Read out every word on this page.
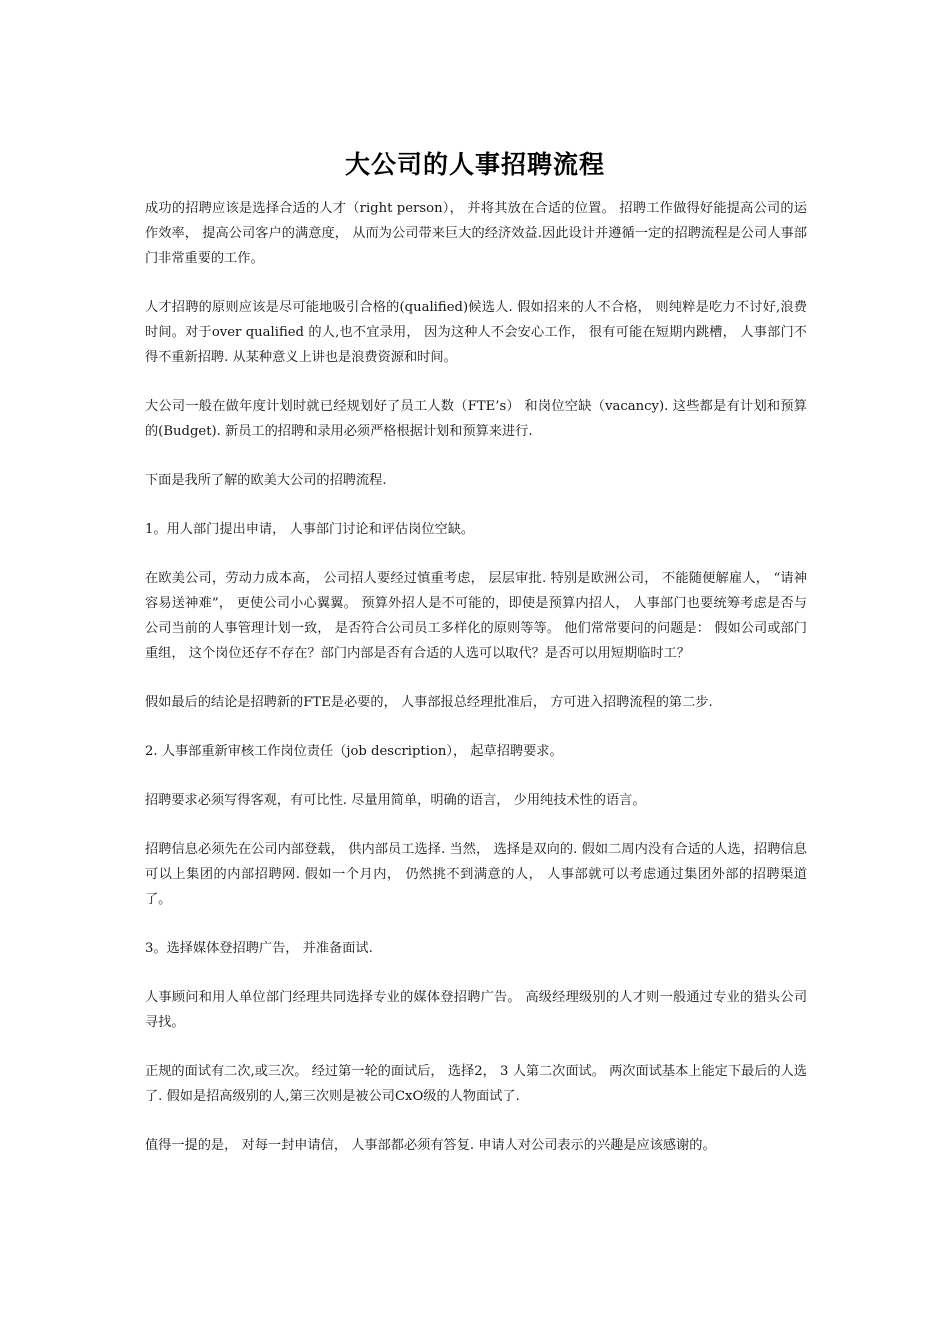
大公司的人事招聘流程

成功的招聘应该是选择合适的人才（right person）， 并将其放在合适的位置。 招聘工作做得好能提高公司的运作效率， 提高公司客户的满意度， 从而为公司带来巨大的经济效益.因此设计并遵循一定的招聘流程是公司人事部门非常重要的工作。

人才招聘的原则应该是尽可能地吸引合格的(qualified)候选人. 假如招来的人不合格， 则纯粹是吃力不讨好,浪费时间。对于over qualified 的人,也不宜录用， 因为这种人不会安心工作， 很有可能在短期内跳槽， 人事部门不得不重新招聘. 从某种意义上讲也是浪费资源和时间。

大公司一般在做年度计划时就已经规划好了员工人数（FTE’s） 和岗位空缺（vacancy). 这些都是有计划和预算的(Budget). 新员工的招聘和录用必须严格根据计划和预算来进行.

下面是我所了解的欧美大公司的招聘流程.

1。用人部门提出申请， 人事部门讨论和评估岗位空缺。

在欧美公司，劳动力成本高， 公司招人要经过慎重考虑， 层层审批. 特别是欧洲公司， 不能随便解雇人， “请神容易送神难”， 更使公司小心翼翼。 预算外招人是不可能的，即使是预算内招人， 人事部门也要统筹考虑是否与公司当前的人事管理计划一致， 是否符合公司员工多样化的原则等等。 他们常常要问的问题是： 假如公司或部门重组， 这个岗位还存不存在？部门内部是否有合适的人选可以取代？是否可以用短期临时工？

假如最后的结论是招聘新的FTE是必要的， 人事部报总经理批准后， 方可进入招聘流程的第二步.

2. 人事部重新审核工作岗位责任（job description）， 起草招聘要求。

招聘要求必须写得客观，有可比性. 尽量用简单，明确的语言， 少用纯技术性的语言。

招聘信息必须先在公司内部登载， 供内部员工选择. 当然， 选择是双向的. 假如二周内没有合适的人选，招聘信息可以上集团的内部招聘网. 假如一个月内， 仍然挑不到满意的人， 人事部就可以考虑通过集团外部的招聘渠道了。

3。选择媒体登招聘广告， 并准备面试.

人事顾问和用人单位部门经理共同选择专业的媒体登招聘广告。 高级经理级别的人才则一般通过专业的猎头公司寻找。

正规的面试有二次,或三次。 经过第一轮的面试后， 选择2， 3 人第二次面试。 两次面试基本上能定下最后的人选了. 假如是招高级别的人,第三次则是被公司CxO级的人物面试了.

值得一提的是， 对每一封申请信， 人事部都必须有答复. 申请人对公司表示的兴趣是应该感谢的。
